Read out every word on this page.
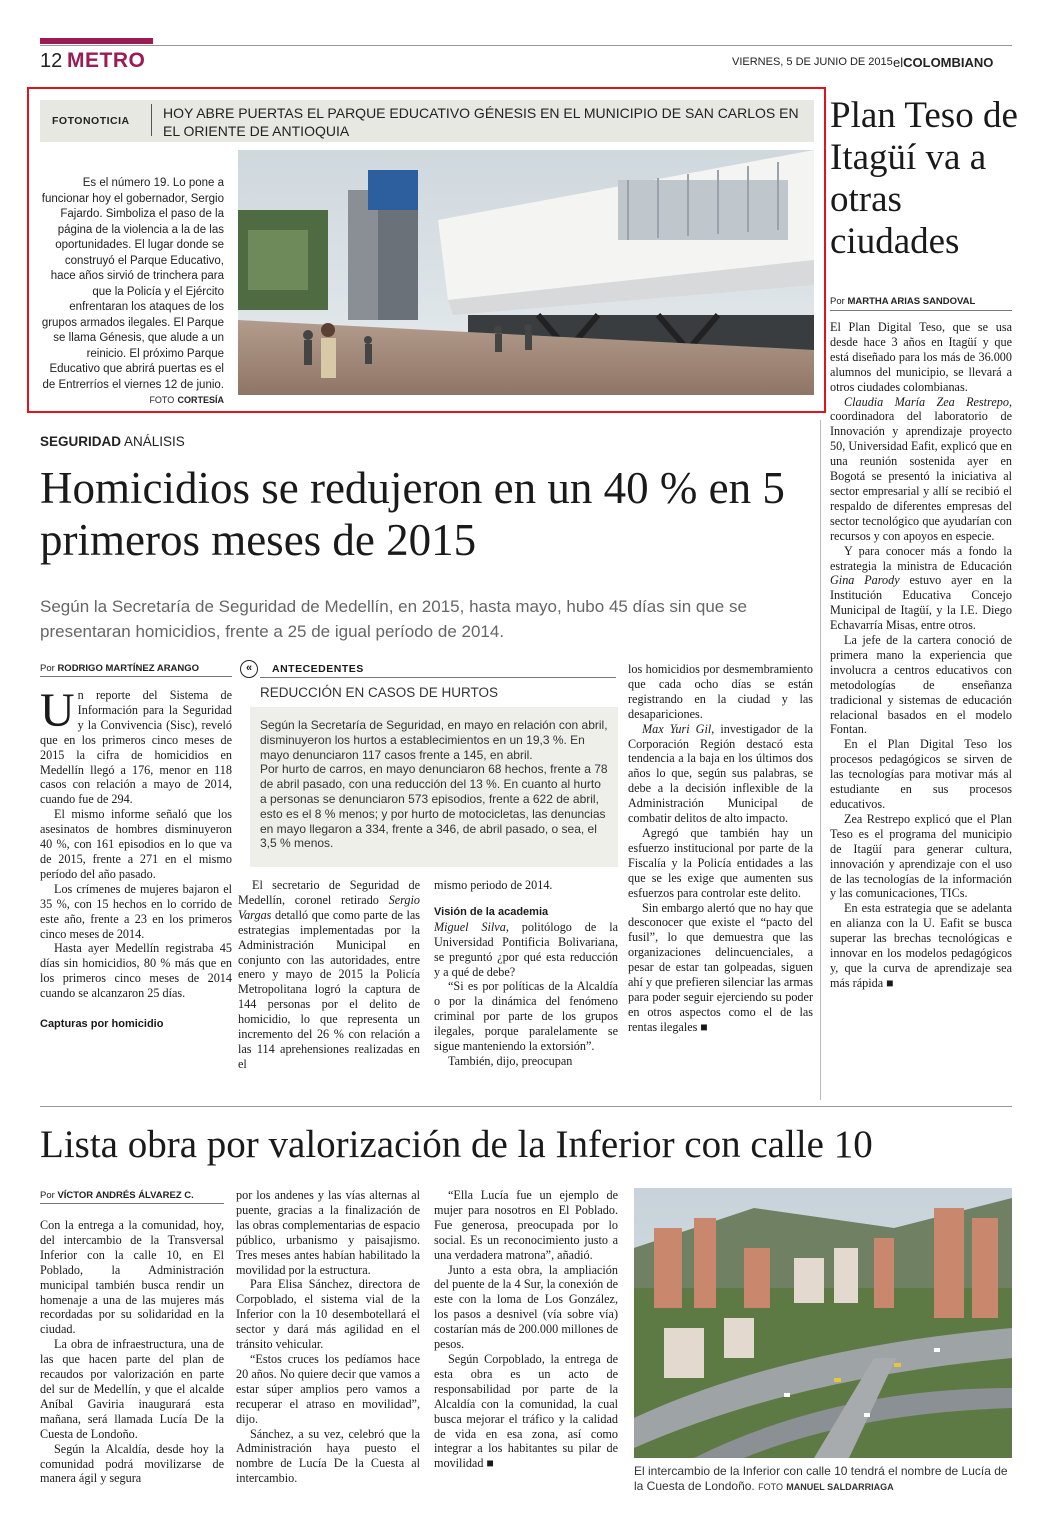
12 METRO	VIERNES, 5 DE JUNIO DE 2015 elCOLOMBIANO
FOTONOTICIA HOY ABRE PUERTAS EL PARQUE EDUCATIVO GÉNESIS EN EL MUNICIPIO DE SAN CARLOS EN EL ORIENTE DE ANTIOQUIA
Es el número 19. Lo pone a funcionar hoy el gobernador, Sergio Fajardo. Simboliza el paso de la página de la violencia a la de las oportunidades. El lugar donde se construyó el Parque Educativo, hace años sirvió de trinchera para que la Policía y el Ejército enfrentaran los ataques de los grupos armados ilegales. El Parque se llama Génesis, que alude a un reinicio. El próximo Parque Educativo que abrirá puertas es el de Entrerríos el viernes 12 de junio. FOTO CORTESÍA
SEGURIDAD ANÁLISIS
Homicidios se redujeron en un 40 % en 5 primeros meses de 2015
Según la Secretaría de Seguridad de Medellín, en 2015, hasta mayo, hubo 45 días sin que se presentaran homicidios, frente a 25 de igual período de 2014.
Por RODRIGO MARTÍNEZ ARANGO

Un reporte del Sistema de Información para la Seguridad y la Convivencia (Sisc), reveló que en los primeros cinco meses de 2015 la cifra de homicidios en Medellín llegó a 176, menor en 118 casos con relación a mayo de 2014, cuando fue de 294.

El mismo informe señaló que los asesinatos de hombres disminuyeron 40 %, con 161 episodios en lo que va de 2015, frente a 271 en el mismo período del año pasado.

Los crímenes de mujeres bajaron el 35 %, con 15 hechos en lo corrido de este año, frente a 23 en los primeros cinco meses de 2014.

Hasta ayer Medellín registraba 45 días sin homicidios, 80 % más que en los primeros cinco meses de 2014 cuando se alcanzaron 25 días.

Capturas por homicidio
«	ANTECEDENTES
REDUCCIÓN EN CASOS DE HURTOS

Según la Secretaría de Seguridad, en mayo en relación con abril, disminuyeron los hurtos a establecimientos en un 19,3 %. En mayo denunciaron 117 casos frente a 145, en abril.

Por hurto de carros, en mayo denunciaron 68 hechos, frente a 78 de abril pasado, con una reducción del 13 %. En cuanto al hurto a personas se denunciaron 573 episodios, frente a 622 de abril, esto es el 8 % menos; y por hurto de motocicletas, las denuncias en mayo llegaron a 334, frente a 346, de abril pasado, o sea, el 3,5 % menos.

El secretario de Seguridad de Medellín, coronel retirado Sergio Vargas detalló que como parte de las estrategias implementadas por la Administración Municipal en conjunto con las autoridades, entre enero y mayo de 2015 la Policía Metropolitana logró la captura de 144 personas por el delito de homicidio, lo que representa un incremento del 26 % con relación a las 114 aprehensiones realizadas en el

mismo periodo de 2014.

Visión de la academia

Miguel Silva, politólogo de la Universidad Pontificia Bolivariana, se preguntó ¿por qué esta reducción y a qué de debe?

“Si es por políticas de la Alcaldía o por la dinámica del fenómeno criminal por parte de los grupos ilegales, porque paralelamente se sigue manteniendo la extorsión”.

También, dijo, preocupan

los homicidios por desmembramiento que cada ocho días se están registrando en la ciudad y las desapariciones.

Max Yuri Gil, investigador de la Corporación Región destacó esta tendencia a la baja en los últimos dos años lo que, según sus palabras, se debe a la decisión inflexible de la Administración Municipal de combatir delitos de alto impacto.

Agregó que también hay un esfuerzo institucional por parte de la Fiscalía y la Policía entidades a las que se les exige que aumenten sus esfuerzos para controlar este delito.

Sin embargo alertó que no hay que desconocer que existe el “pacto del fusil”, lo que demuestra que las organizaciones delincuenciales, a pesar de estar tan golpeadas, siguen ahí y que prefieren silenciar las armas para poder seguir ejerciendo su poder en otros aspectos como el de las rentas ilegales ■

Plan Teso de Itagüí va a otras ciudades
Por MARTHA ARIAS SANDOVAL

El Plan Digital Teso, que se usa desde hace 3 años en Itagüí y que está diseñado para los más de 36.000 alumnos del municipio, se llevará a otros ciudades colombianas.

Claudia María Zea Restrepo, coordinadora del laboratorio de Innovación y aprendizaje proyecto 50, Universidad Eafit, explicó que en una reunión sostenida ayer en Bogotá se presentó la iniciativa al sector empresarial y allí se recibió el respaldo de diferentes empresas del sector tecnológico que ayudarían con recursos y con apoyos en especie.

Y para conocer más a fondo la estrategia la ministra de Educación Gina Parody estuvo ayer en la Institución Educativa Concejo Municipal de Itagüí, y la I.E. Diego Echavarría Misas, entre otros.

La jefe de la cartera conoció de primera mano la experiencia que involucra a centros educativos con metodologías de enseñanza tradicional y sistemas de educación relacional basados en el modelo Fontan.

En el Plan Digital Teso los procesos pedagógicos se sirven de las tecnologías para motivar más al estudiante en sus procesos educativos.

Zea Restrepo explicó que el Plan Teso es el programa del municipio de Itagüí para generar cultura, innovación y aprendizaje con el uso de las tecnologías de la información y las comunicaciones, TICs.

En esta estrategia que se adelanta en alianza con la U. Eafit se busca superar las brechas tecnológicas e innovar en los modelos pedagógicos y, que la curva de aprendizaje sea más rápida ■

Lista obra por valorización de la Inferior con calle 10
Por VÍCTOR ANDRÉS ÁLVAREZ C.

Con la entrega a la comunidad, hoy, del intercambio de la Transversal Inferior con la calle 10, en El Poblado, la Administración municipal también busca rendir un homenaje a una de las mujeres más recordadas por su solidaridad en la ciudad.

La obra de infraestructura, una de las que hacen parte del plan de recaudos por valorización en parte del sur de Medellín, y que el alcalde Aníbal Gaviria inaugurará esta mañana, será llamada Lucía De la Cuesta de Londoño.

Según la Alcaldía, desde hoy la comunidad podrá movilizarse de manera ágil y segura

por los andenes y las vías alternas al puente, gracias a la finalización de las obras complementarias de espacio público, urbanismo y paisajismo. Tres meses antes habían habilitado la movilidad por la estructura.

Para Elisa Sánchez, directora de Corpoblado, el sistema vial de la Inferior con la 10 desembotellará el sector y dará más agilidad en el tránsito vehicular.

“Estos cruces los pedíamos hace 20 años. No quiere decir que vamos a estar súper amplios pero vamos a recuperar el atraso en movilidad”, dijo.

Sánchez, a su vez, celebró que la Administración haya puesto el nombre de Lucía De la Cuesta al intercambio.

“Ella Lucía fue un ejemplo de mujer para nosotros en El Poblado. Fue generosa, preocupada por lo social. Es un reconocimiento justo a una verdadera matrona”, añadió.

Junto a esta obra, la ampliación del puente de la 4 Sur, la conexión de este con la loma de Los González, los pasos a desnivel (vía sobre vía) costarían más de 200.000 millones de pesos.

Según Corpoblado, la entrega de esta obra es un acto de responsabilidad por parte de la Alcaldía con la comunidad, la cual busca mejorar el tráfico y la calidad de vida en esa zona, así como integrar a los habitantes su pilar de movilidad ■

El intercambio de la Inferior con calle 10 tendrá el nombre de Lucía de la Cuesta de Londoño. FOTO MANUEL SALDARRIAGA
